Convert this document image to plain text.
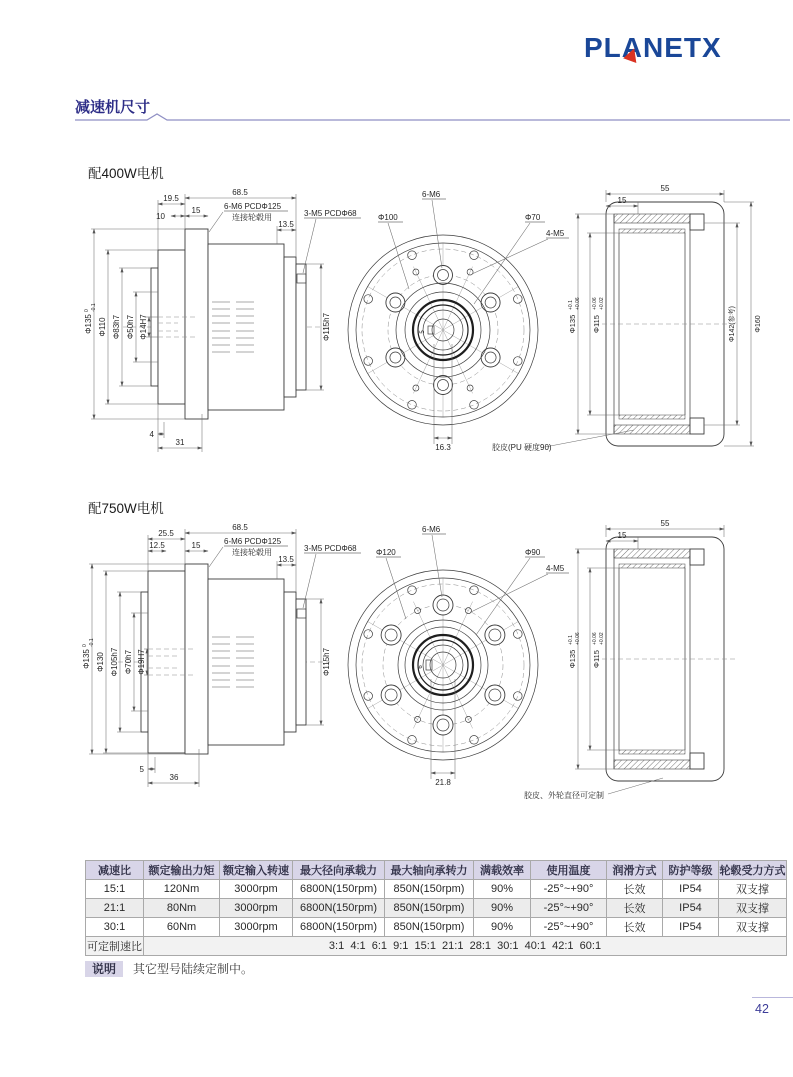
PLA
NETX
减速机尺寸
配400W电机
19.5
68.5
10
15	6-M6 PCDΦ125
连接轮毂用	3-M5 PCDΦ68
13.5
Φ135
0 -0.1
Φ110 Φ83h7 Φ50h7 Φ14H7	Φ115h7
4
31
6-M6
Φ100	Φ70
4-M5
5
16.3
55
15
Φ135
+0.1 +0.06
Φ115
+0.06 +0.02
Φ142(参考)	Φ160
胶皮(PU 硬度90)
配750W电机
25.5
68.5
12.5	15	6-M6 PCDΦ125
连接轮毂用	3-M5 PCDΦ68
13.5
Φ135
0 -0.1
Φ130 Φ105h7 Φ70h7 Φ19H7	Φ115h7
5
36
6-M6
Φ120	Φ90
4-M5
6
21.8
55
15
Φ135
+0.1 +0.06
Φ115
+0.06 +0.02
胶皮、外轮直径可定制
减速比	额定输出力矩	额定输入转速	最大径向承载力	最大轴向承转力	满载效率	使用温度	润滑方式	防护等级	轮毂受力方式
15:1	120Nm	3000rpm	6800N(150rpm)	850N(150rpm)	90%	-25°~+90°	长效	IP54	双支撑
21:1	80Nm	3000rpm	6800N(150rpm)	850N(150rpm)	90%	-25°~+90°	长效	IP54	双支撑
30:1	60Nm	3000rpm	6800N(150rpm)	850N(150rpm)	90%	-25°~+90°	长效	IP54	双支撑
可定制速比	3:1  4:1  6:1  9:1  15:1  21:1  28:1  30:1  40:1  42:1  60:1								
说明 其它型号陆续定制中。
42
